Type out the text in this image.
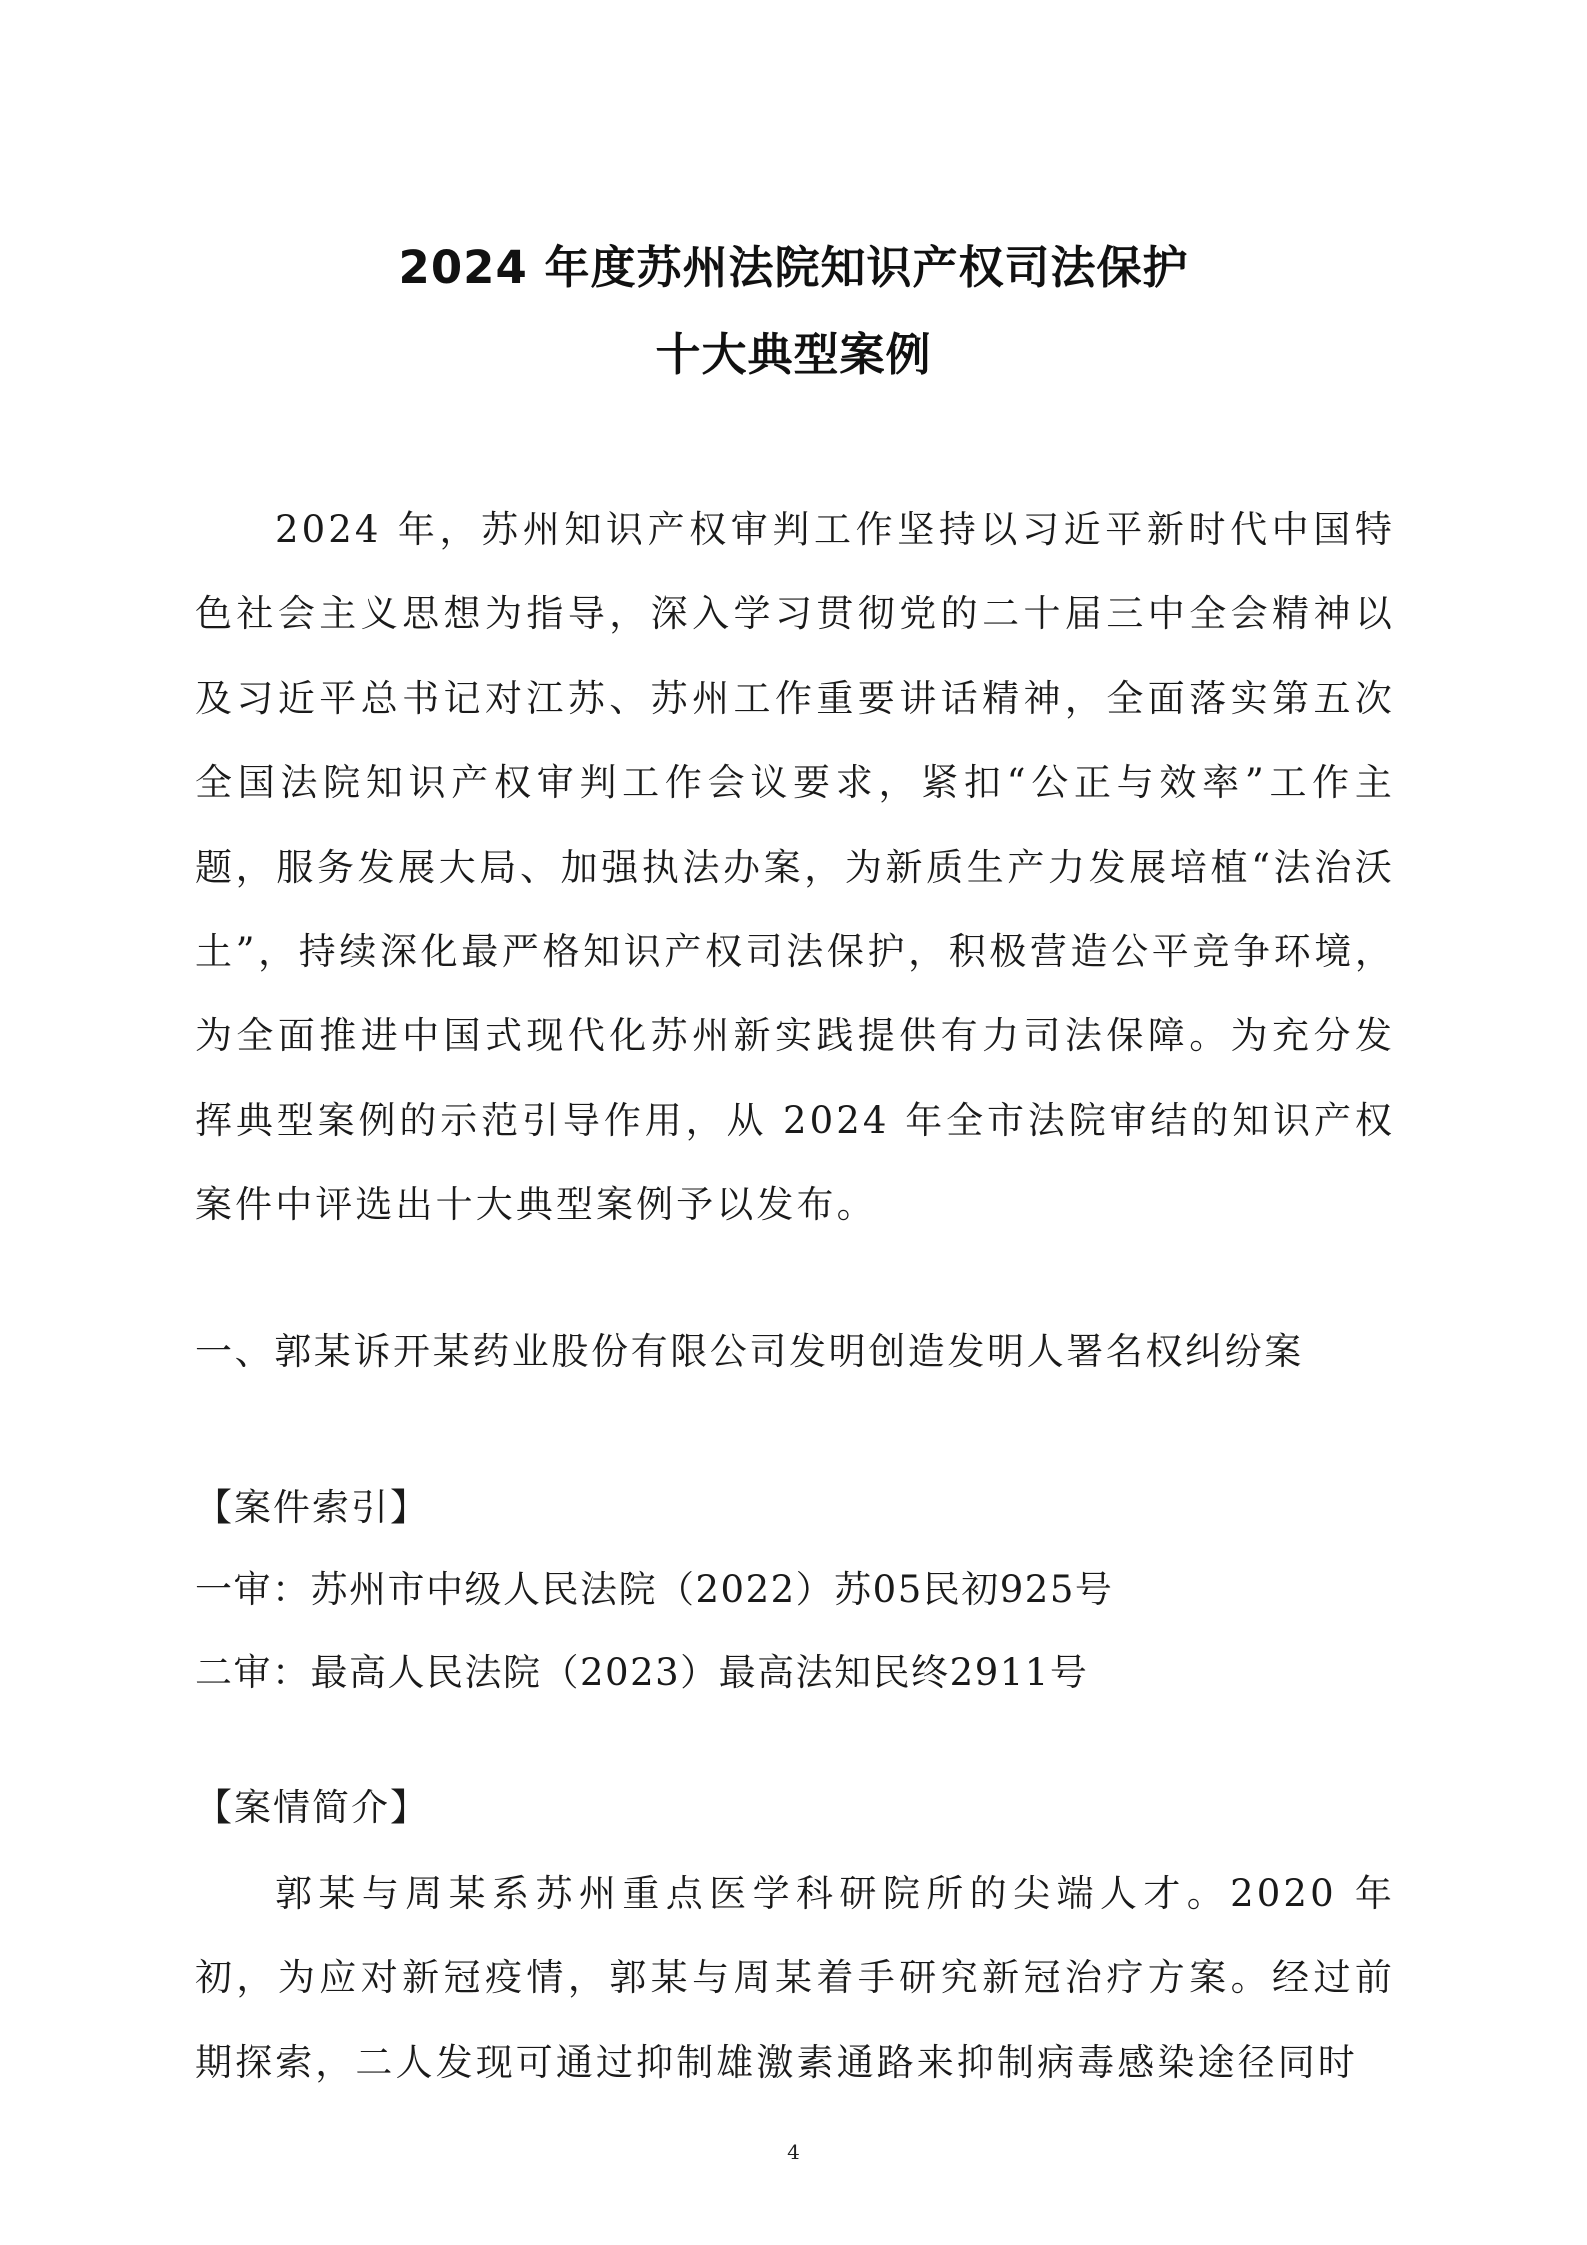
2024 年度苏州法院知识产权司法保护
十大典型案例

2024 年，苏州知识产权审判工作坚持以习近平新时代中国特色社会主义思想为指导，深入学习贯彻党的二十届三中全会精神以及习近平总书记对江苏、苏州工作重要讲话精神，全面落实第五次全国法院知识产权审判工作会议要求，紧扣“公正与效率”工作主题，服务发展大局、加强执法办案，为新质生产力发展培植“法治沃土”，持续深化最严格知识产权司法保护，积极营造公平竞争环境，为全面推进中国式现代化苏州新实践提供有力司法保障。为充分发挥典型案例的示范引导作用，从 2024 年全市法院审结的知识产权案件中评选出十大典型案例予以发布。

一、郭某诉开某药业股份有限公司发明创造发明人署名权纠纷案

【案件索引】

一审：苏州市中级人民法院（2022）苏05民初925号

二审：最高人民法院（2023）最高法知民终2911号

【案情简介】

郭某与周某系苏州重点医学科研院所的尖端人才。2020 年初，为应对新冠疫情，郭某与周某着手研究新冠治疗方案。经过前期探索，二人发现可通过抑制雄激素通路来抑制病毒感染途径同时

4
